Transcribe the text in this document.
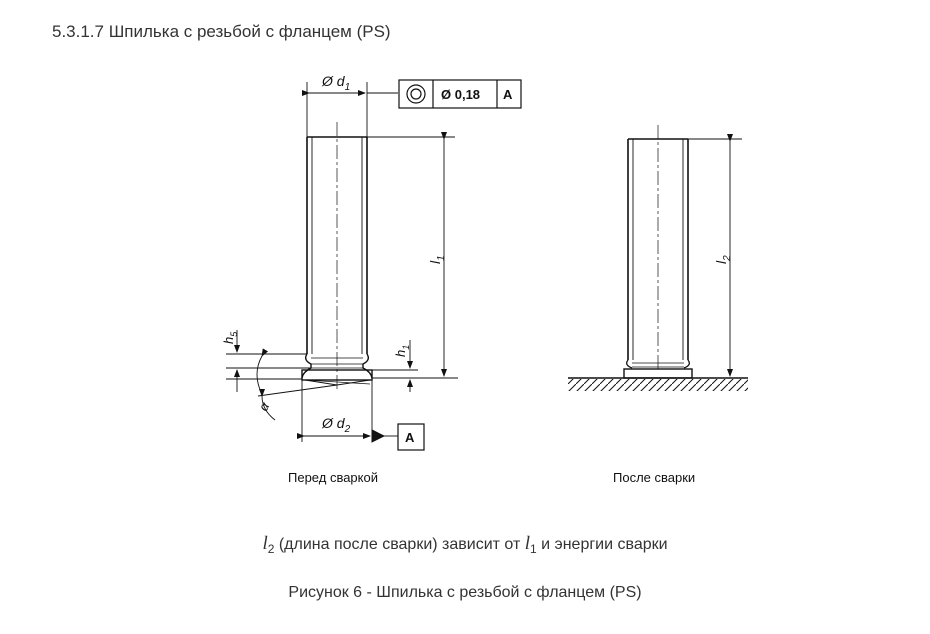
5.3.1.7 Шпилька с резьбой с фланцем (PS)
Ø $d_1$	Ø 0,18 A
$l_1$
$h_1$
$h_5$
α
Ø $d_2$
A
Перед сваркой
$l_2$
После сварки
$l_2$ (длина после сварки) зависит от $l_1$ и энергии сварки
Рисунок 6 - Шпилька с резьбой с фланцем (PS)
